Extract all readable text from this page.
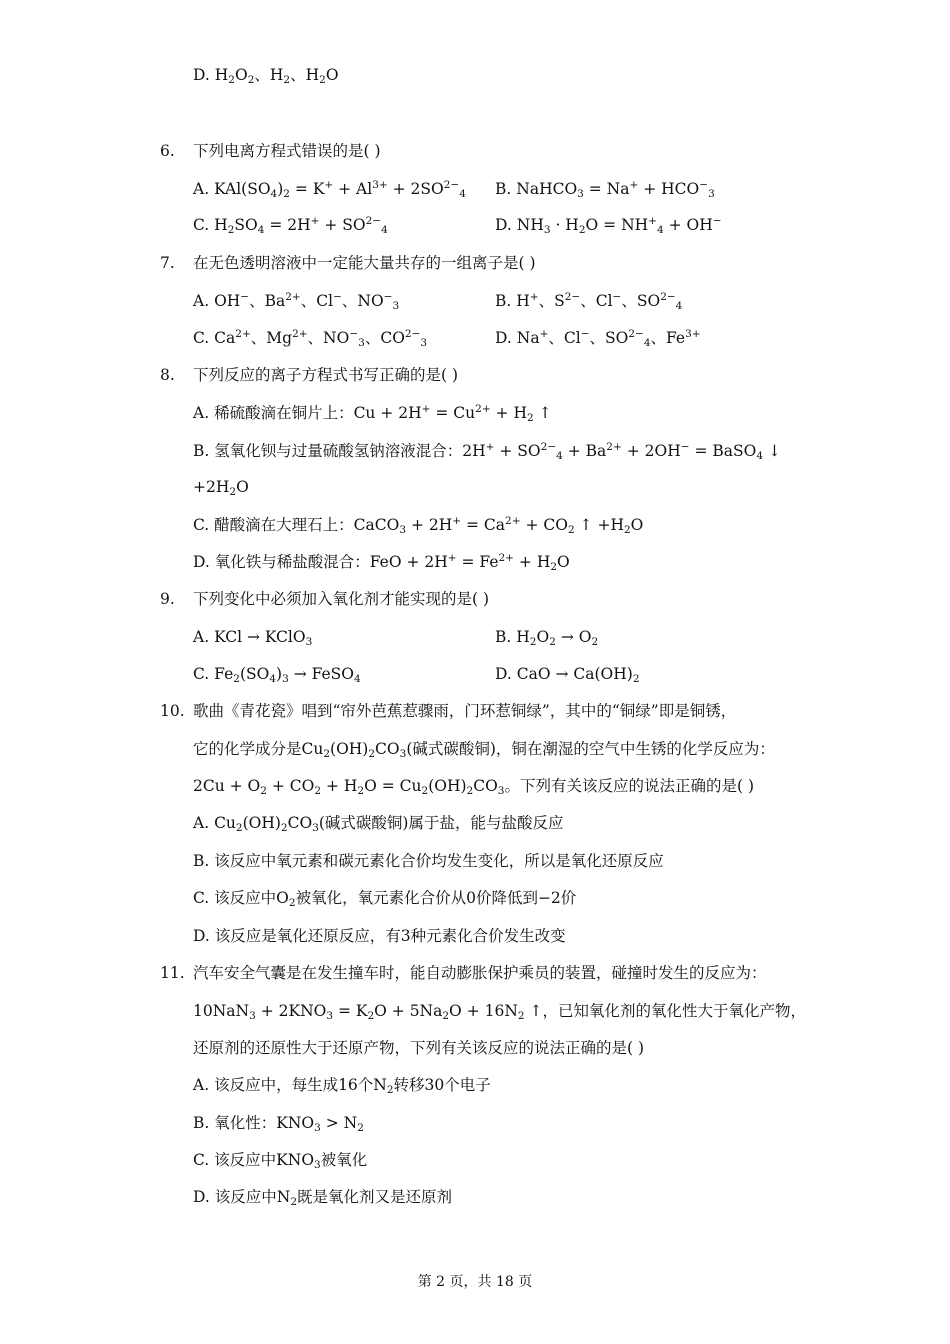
D. $H_2O_2$、$H_2$、$H_2O$
6. 下列电离方程式错误的是( )
A. $KAl(SO_4)_2 = K^+ + Al^{3+} + 2SO^{2-}_4$ B. NaHCO$_3$ = $Na^+ + HCO^-_3$
C. $H_2SO_4 = 2H^+ + SO^{2-}_4$	D. $NH_3 \cdot H_2O = NH^+_4 + OH^-$
7. 在无色透明溶液中一定能大量共存的一组离子是( )
A. OH−、$Ba^{2+}$、Cl−、$NO^-_3$	B. H+、$S^{2-}$、Cl−、$SO^{2-}_4$
C. $Ca^{2+}$、$Mg^{2+}$、$NO^-_3$、$CO^{2-}_3$	D. Na+、Cl−、$SO^{2-}_4$、$Fe^{3+}$
8. 下列反应的离子方程式书写正确的是( )
A. 稀硫酸滴在铜片上：$Cu + 2H^+ = Cu^{2+} + H_2$ ↑
B. 氢氧化钡与过量硫酸氢钠溶液混合：$2H^+ + SO^{2-}_4 + Ba^{2+} + 2OH^-$ = BaSO$_4$ ↓
$+2H_2O$
C. 醋酸滴在大理石上：CaCO$_3$ + $2H^+ = Ca^{2+} + CO_2$ ↑ $+H_2O$
D. 氧化铁与稀盐酸混合：FeO + $2H^+ = Fe^{2+} + H_2O$
9. 下列变化中必须加入氧化剂才能实现的是( )
A. KCl → KClO$_3$	B. $H_2O_2 \to O_2$
C. $Fe_2(SO_4)_3$ → FeSO$_4$	D. CaO → $Ca(OH)_2$
10. 歌曲《青花瓷》唱到“帘外芭蕉惹骤雨，门环惹铜绿”，其中的“铜绿”即是铜锈，
它的化学成分是$Cu_2(OH)_2CO_3$(碱式碳酸铜)，铜在潮湿的空气中生锈的化学反应为：
$2Cu + O_2 + CO_2 + H_2O = Cu_2(OH)_2CO_3$。下列有关该反应的说法正确的是( )
A. $Cu_2(OH)_2CO_3$(碱式碳酸铜)属于盐，能与盐酸反应
B. 该反应中氧元素和碳元素化合价均发生变化，所以是氧化还原反应
C. 该反应中$O_2$被氧化，氧元素化合价从0价降低到−2价
D. 该反应是氧化还原反应，有3种元素化合价发生改变
11. 汽车安全气囊是在发生撞车时，能自动膨胀保护乘员的装置，碰撞时发生的反应为：
$10NaN_3 + 2KNO_3 = K_2O + 5Na_2O + 16N_2$ ↑，已知氧化剂的氧化性大于氧化产物，
还原剂的还原性大于还原产物，下列有关该反应的说法正确的是( )
A. 该反应中，每生成16个$N_2$转移30个电子
B. 氧化性：$KNO_3 > N_2$
C. 该反应中$KNO_3$被氧化
D. 该反应中$N_2$既是氧化剂又是还原剂
第 2 页，共 18 页
